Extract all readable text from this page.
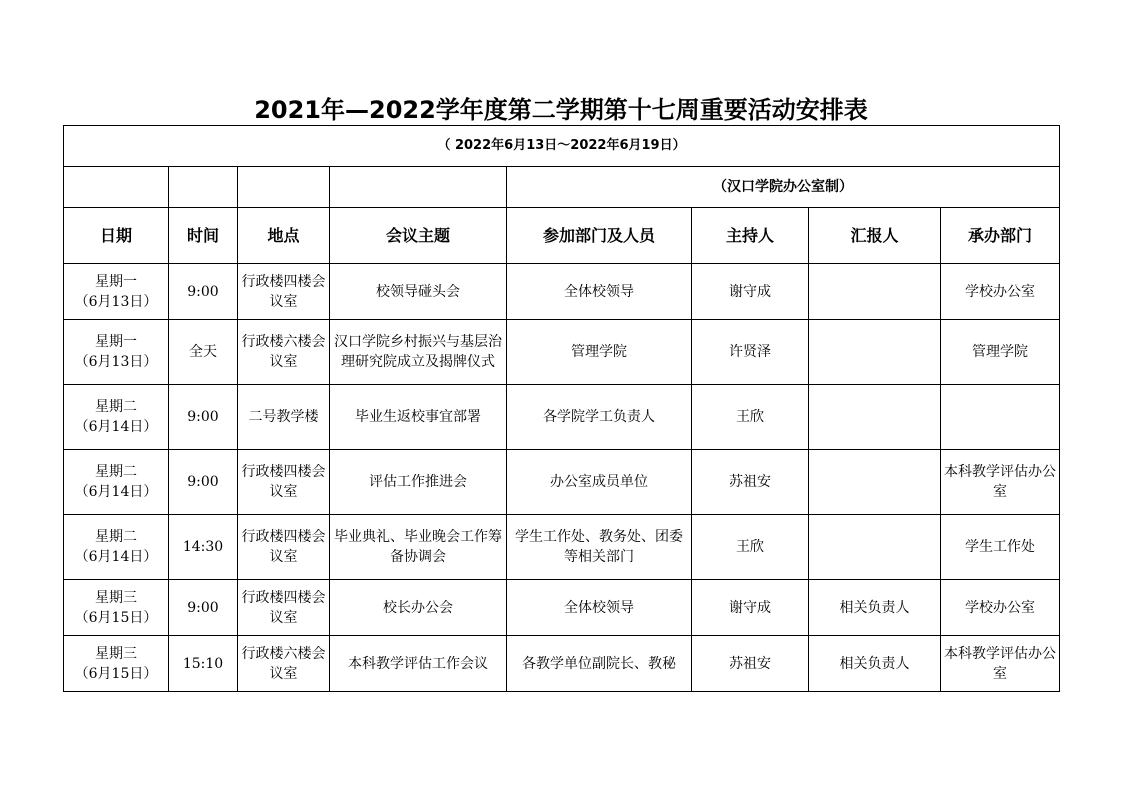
2021年—2022学年度第二学期第十七周重要活动安排表
（ 2022年6月13日～2022年6月19日）							
				（汉口学院办公室制）			
日期	时间	地点	会议主题	参加部门及人员	主持人	汇报人	承办部门

星期一
（6月13日）	9:00	行政楼四楼会议室	校领导碰头会	全体校领导	谢守成		学校办公室

星期一
（6月13日）	全天	行政楼六楼会议室	汉口学院乡村振兴与基层治理研究院成立及揭牌仪式	管理学院	许贤泽		管理学院

星期二
（6月14日）	9:00	二号教学楼	毕业生返校事宜部署	各学院学工负责人	王欣		

星期二
（6月14日）	9:00	行政楼四楼会议室	评估工作推进会	办公室成员单位	苏祖安		本科教学评估办公室

星期二
（6月14日）	14:30	行政楼四楼会议室	毕业典礼、毕业晚会工作筹备协调会	学生工作处、教务处、团委等相关部门	王欣		学生工作处

星期三
（6月15日）	9:00	行政楼四楼会议室	校长办公会	全体校领导	谢守成	相关负责人	学校办公室

星期三
（6月15日）	15:10	行政楼六楼会议室	本科教学评估工作会议	各教学单位副院长、教秘	苏祖安	相关负责人	本科教学评估办公室
